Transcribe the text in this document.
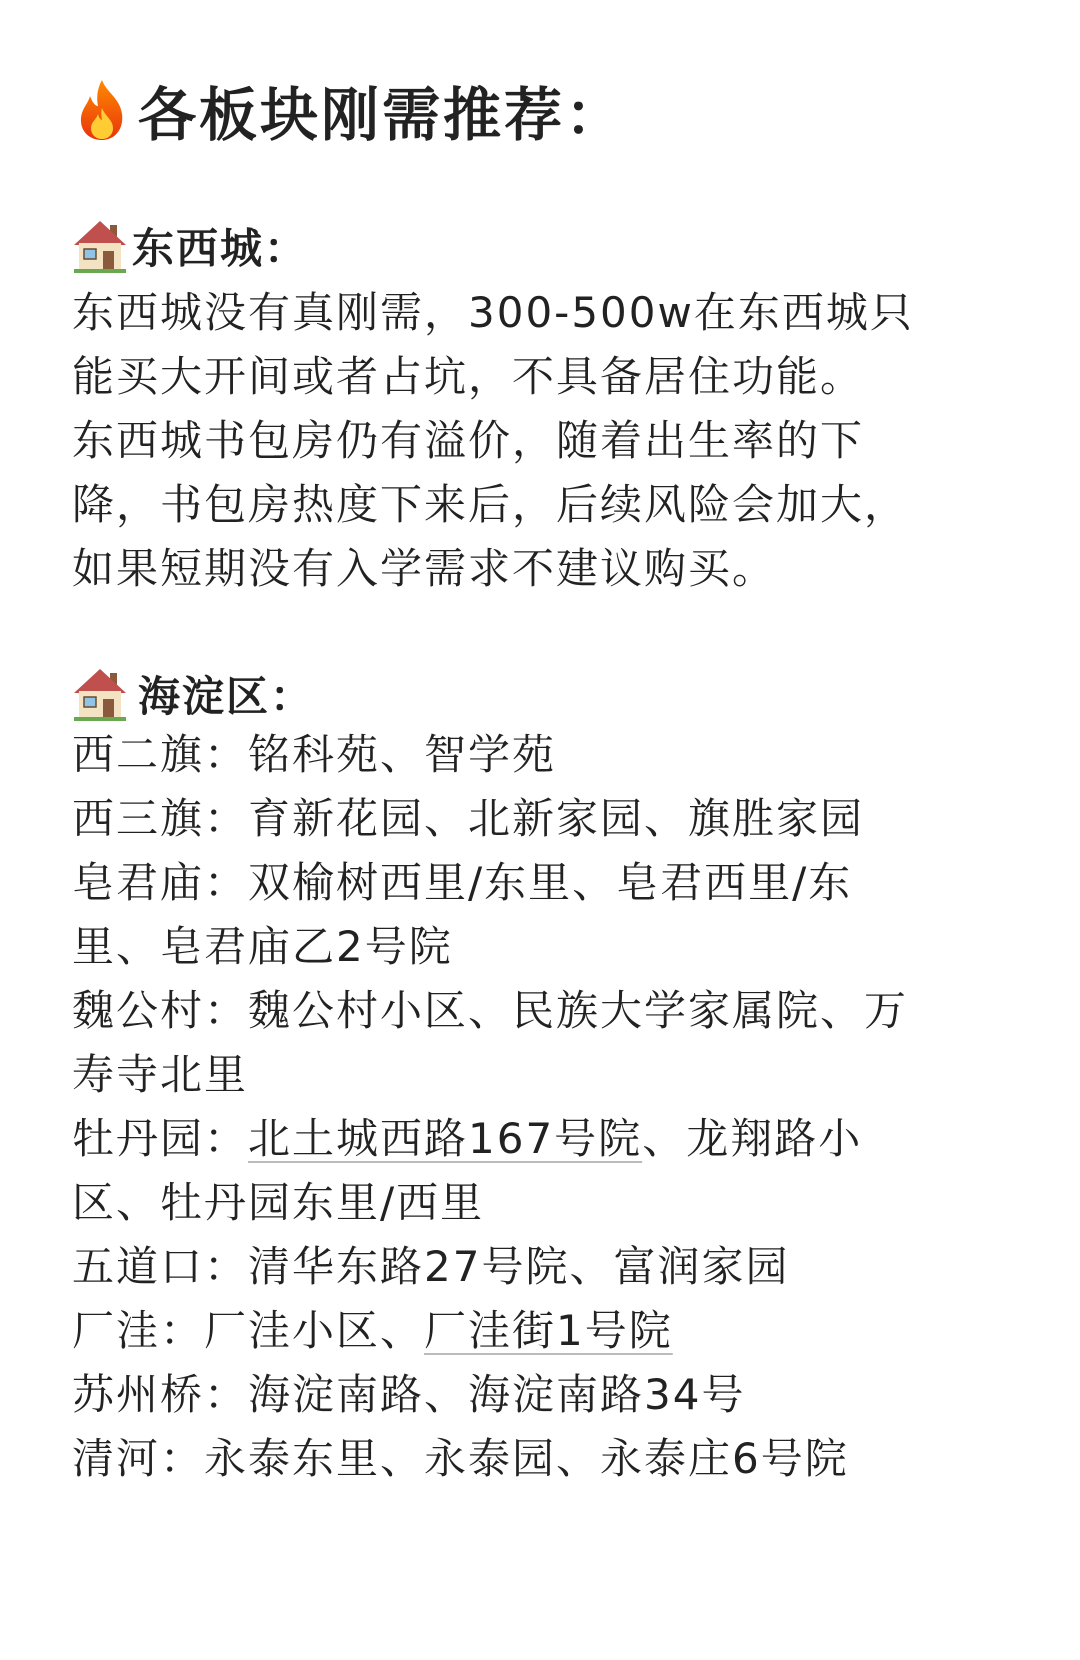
各板块刚需推荐：
东西城：
东西城没有真刚需，300-500w在东西城只
能买大开间或者占坑，不具备居住功能。
东西城书包房仍有溢价，随着出生率的下
降，书包房热度下来后，后续风险会加大，
如果短期没有入学需求不建议购买。
海淀区：
西二旗：铭科苑、智学苑
西三旗：育新花园、北新家园、旗胜家园
皂君庙：双榆树西里/东里、皂君西里/东
里、皂君庙乙2号院
魏公村：魏公村小区、民族大学家属院、万
寿寺北里
牡丹园：北土城西路167号院、龙翔路小
区、牡丹园东里/西里
五道口：清华东路27号院、富润家园
厂洼：厂洼小区、厂洼街1号院
苏州桥：海淀南路、海淀南路34号
清河：永泰东里、永泰园、永泰庄6号院
